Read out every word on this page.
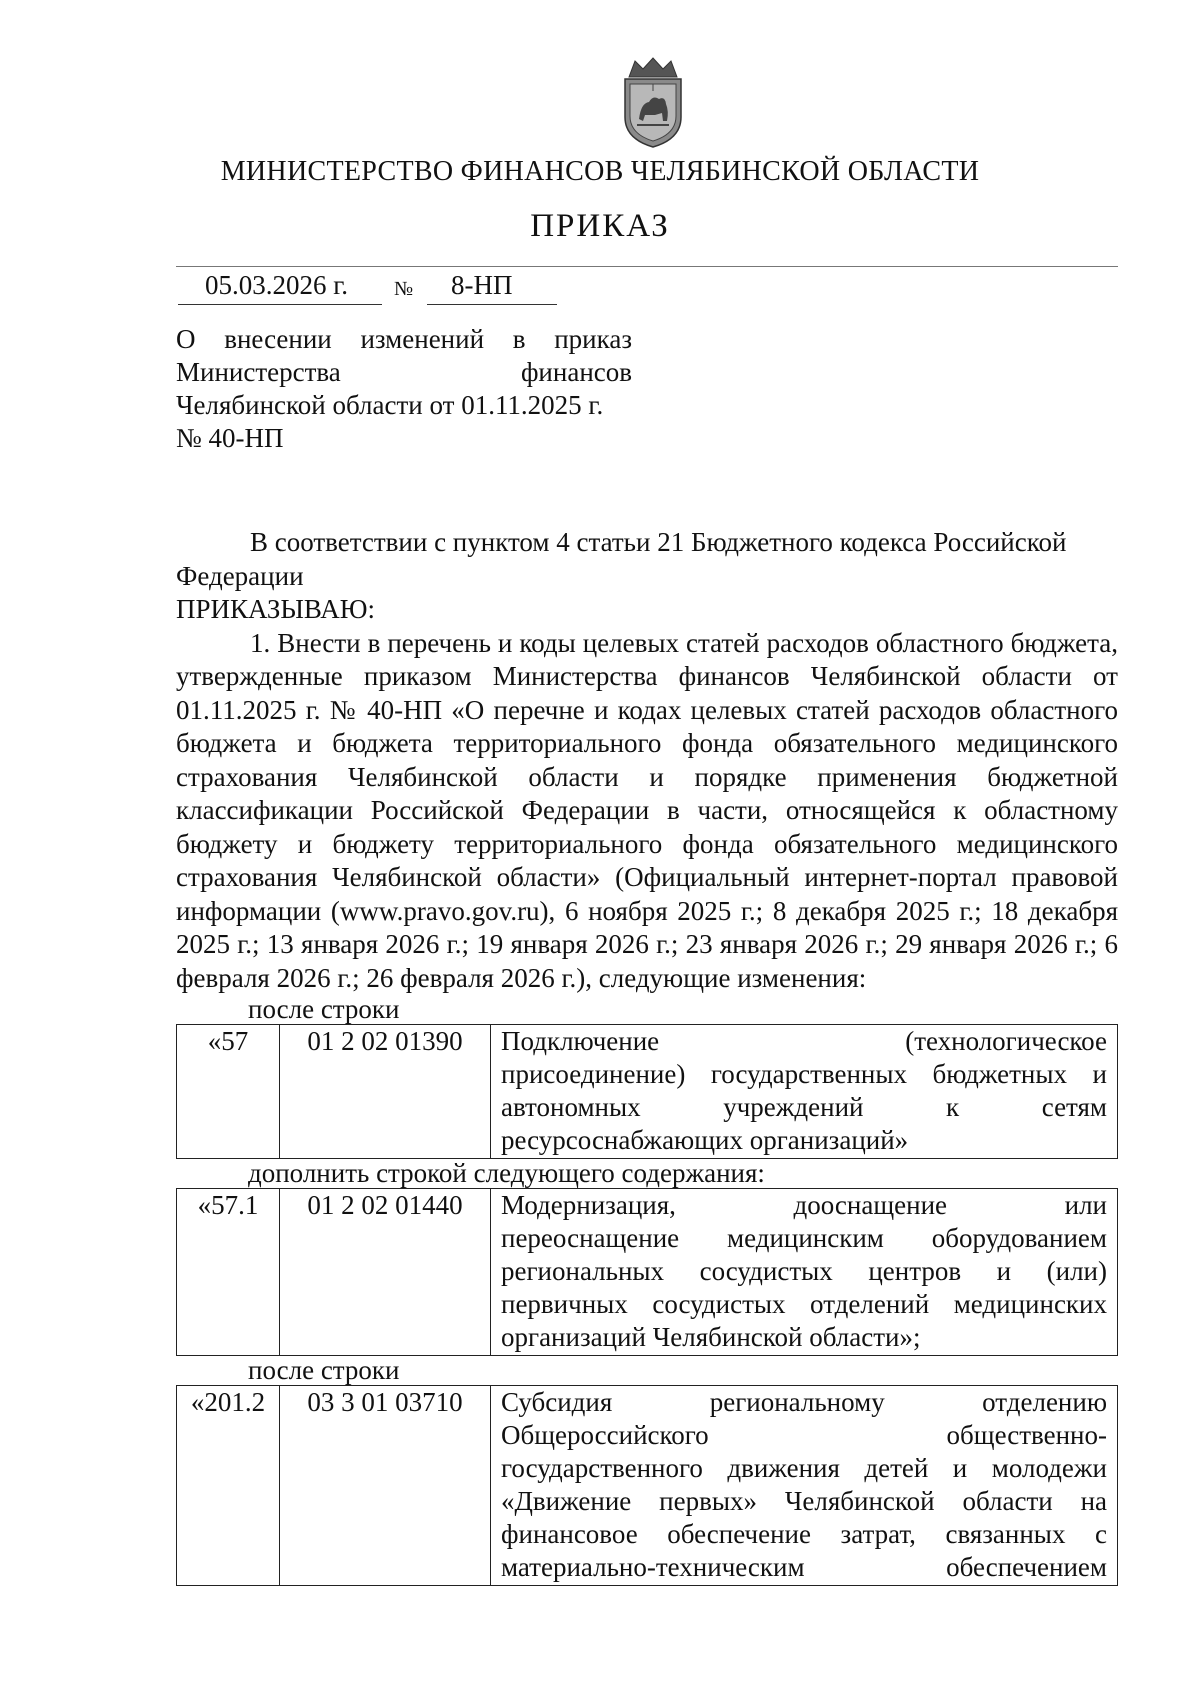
МИНИСТЕРСТВО ФИНАНСОВ ЧЕЛЯБИНСКОЙ ОБЛАСТИ
ПРИКАЗ
05.03.2026 г. № 8-НП
О внесении изменений в приказ
Министерства финансов
Челябинской области от 01.11.2025 г.
№ 40-НП

В соответствии с пунктом 4 статьи 21 Бюджетного кодекса Российской Федерации

ПРИКАЗЫВАЮ:

1. Внести в перечень и коды целевых статей расходов областного бюджета, утвержденные приказом Министерства финансов Челябинской области от 01.11.2025 г. № 40-НП «О перечне и кодах целевых статей расходов областного бюджета и бюджета территориального фонда обязательного медицинского страхования Челябинской области и порядке применения бюджетной классификации Российской Федерации в части, относящейся к областному бюджету и бюджету территориального фонда обязательного медицинского страхования Челябинской области» (Официальный интернет-портал правовой информации (www.pravo.gov.ru), 6 ноября 2025 г.; 8 декабря 2025 г.; 18 декабря 2025 г.; 13 января 2026 г.; 19 января 2026 г.; 23 января 2026 г.; 29 января 2026 г.; 6 февраля 2026 г.; 26 февраля 2026 г.), следующие изменения:

после строки

«57	01 2 02 01390	Подключение (технологическое
присоединение) государственных бюджетных и
автономных учреждений к сетям
ресурсоснабжающих организаций»

дополнить строкой следующего содержания:

«57.1	01 2 02 01440	Модернизация, дооснащение или
переоснащение медицинским оборудованием
региональных сосудистых центров и (или)
первичных сосудистых отделений медицинских
организаций Челябинской области»;

после строки

«201.2	03 3 01 03710	Субсидия региональному отделению
Общероссийского общественно-
государственного движения детей и молодежи
«Движение первых» Челябинской области на
финансовое обеспечение затрат, связанных с
материально-техническим обеспечением
